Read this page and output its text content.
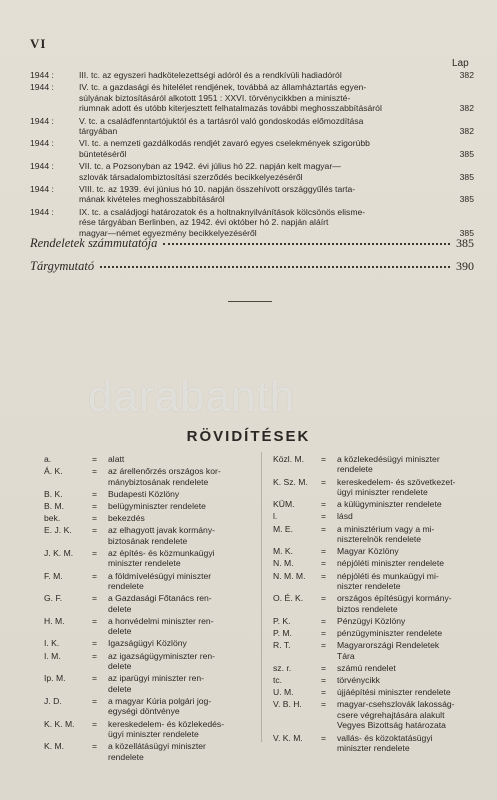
VI
Lap
1944 :	III. tc. az egyszeri hadkötelezettségi adóról és a rendkívüli hadiadóról	382
1944 :	IV. tc. a gazdasági és hitelélet rendjének, továbbá az államháztartás egyen-
súlyának biztosításáról alkotott 1951 : XXVI. törvénycikkben a miniszté-
riumnak adott és utóbb kiterjesztett felhatalmazás további meghosszabbításáról	382
1944 :	V. tc. a családfenntartójuktól és a tartásról való gondoskodás előmozdítása
tárgyában	382
1944 :	VI. tc. a nemzeti gazdálkodás rendjét zavaró egyes cselekmények szigorúbb
büntetéséről	385
1944 :	VII. tc. a Pozsonyban az 1942. évi július hó 22. napján kelt magyar—
szlovák társadalombiztosítási szerződés becikkelyezéséről	385
1944 :	VIII. tc. az 1939. évi június hó 10. napján összehívott országgyűlés tarta-
mának kivételes meghosszabbításáról	385
1944 :	IX. tc. a családjogi határozatok és a holtnaknyilvánítások kölcsönös elisme-
rése tárgyában Berlinben, az 1942. évi október hó 2. napján aláírt
magyar—német egyezmény becikkelyezéséről	385
Rendeletek számmutatója	385
Tárgymutató	390
darabanth
RÖVIDÍTÉSEK
a.	=	alatt
Á. K.	=	az árellenőrzés országos kor-
mánybiztosának rendelete
B. K.	=	Budapesti Közlöny
B. M.	=	belügyminiszter rendelete
bek.	=	bekezdés
E. J. K.	=	az elhagyott javak kormány-
biztosának rendelete
J. K. M.	=	az építés- és közmunkaügyi
miniszter rendelete
F. M.	=	a földmívelésügyi miniszter
rendelete
G. F.	=	a Gazdasági Főtanács ren-
delete
H. M.	=	a honvédelmi miniszter ren-
delete
I. K.	=	Igazságügyi Közlöny
I. M.	=	az igazságügyminiszter ren-
delete
Ip. M.	=	az iparügyi miniszter ren-
delete
J. D.	=	a magyar Kúria polgári jog-
egységi döntvénye
K. K. M.	=	kereskedelem- és közlekedés-
ügyi miniszter rendelete
K. M.	=	a közellátásügyi miniszter
rendelete
Közl. M.	=	a közlekedésügyi miniszter
rendelete
K. Sz. M.	=	kereskedelem- és szövetkezet-
ügyi miniszter rendelete
KÜM.	=	a külügyminiszter rendelete
l.	=	lásd
M. E.	=	a minisztérium vagy a mi-
niszterelnök rendelete
M. K.	=	Magyar Közlöny
N. M.	=	népjóléti miniszter rendelete
N. M. M.	=	népjóléti és munkaügyi mi-
niszter rendelete
O. É. K.	=	országos építésügyi kormány-
biztos rendelete
P. K.	=	Pénzügyi Közlöny
P. M.	=	pénzügyminiszter rendelete
R. T.	=	Magyarországi Rendeletek
Tára
sz. r.	=	számú rendelet
tc.	=	törvénycikk
U. M.	=	újjáépítési miniszter rendelete
V. B. H.	=	magyar-csehszlovák lakosság-
csere végrehajtására alakult
Vegyes Bizottság határozata
V. K. M.	=	vallás- és közoktatásügyi
miniszter rendelete
